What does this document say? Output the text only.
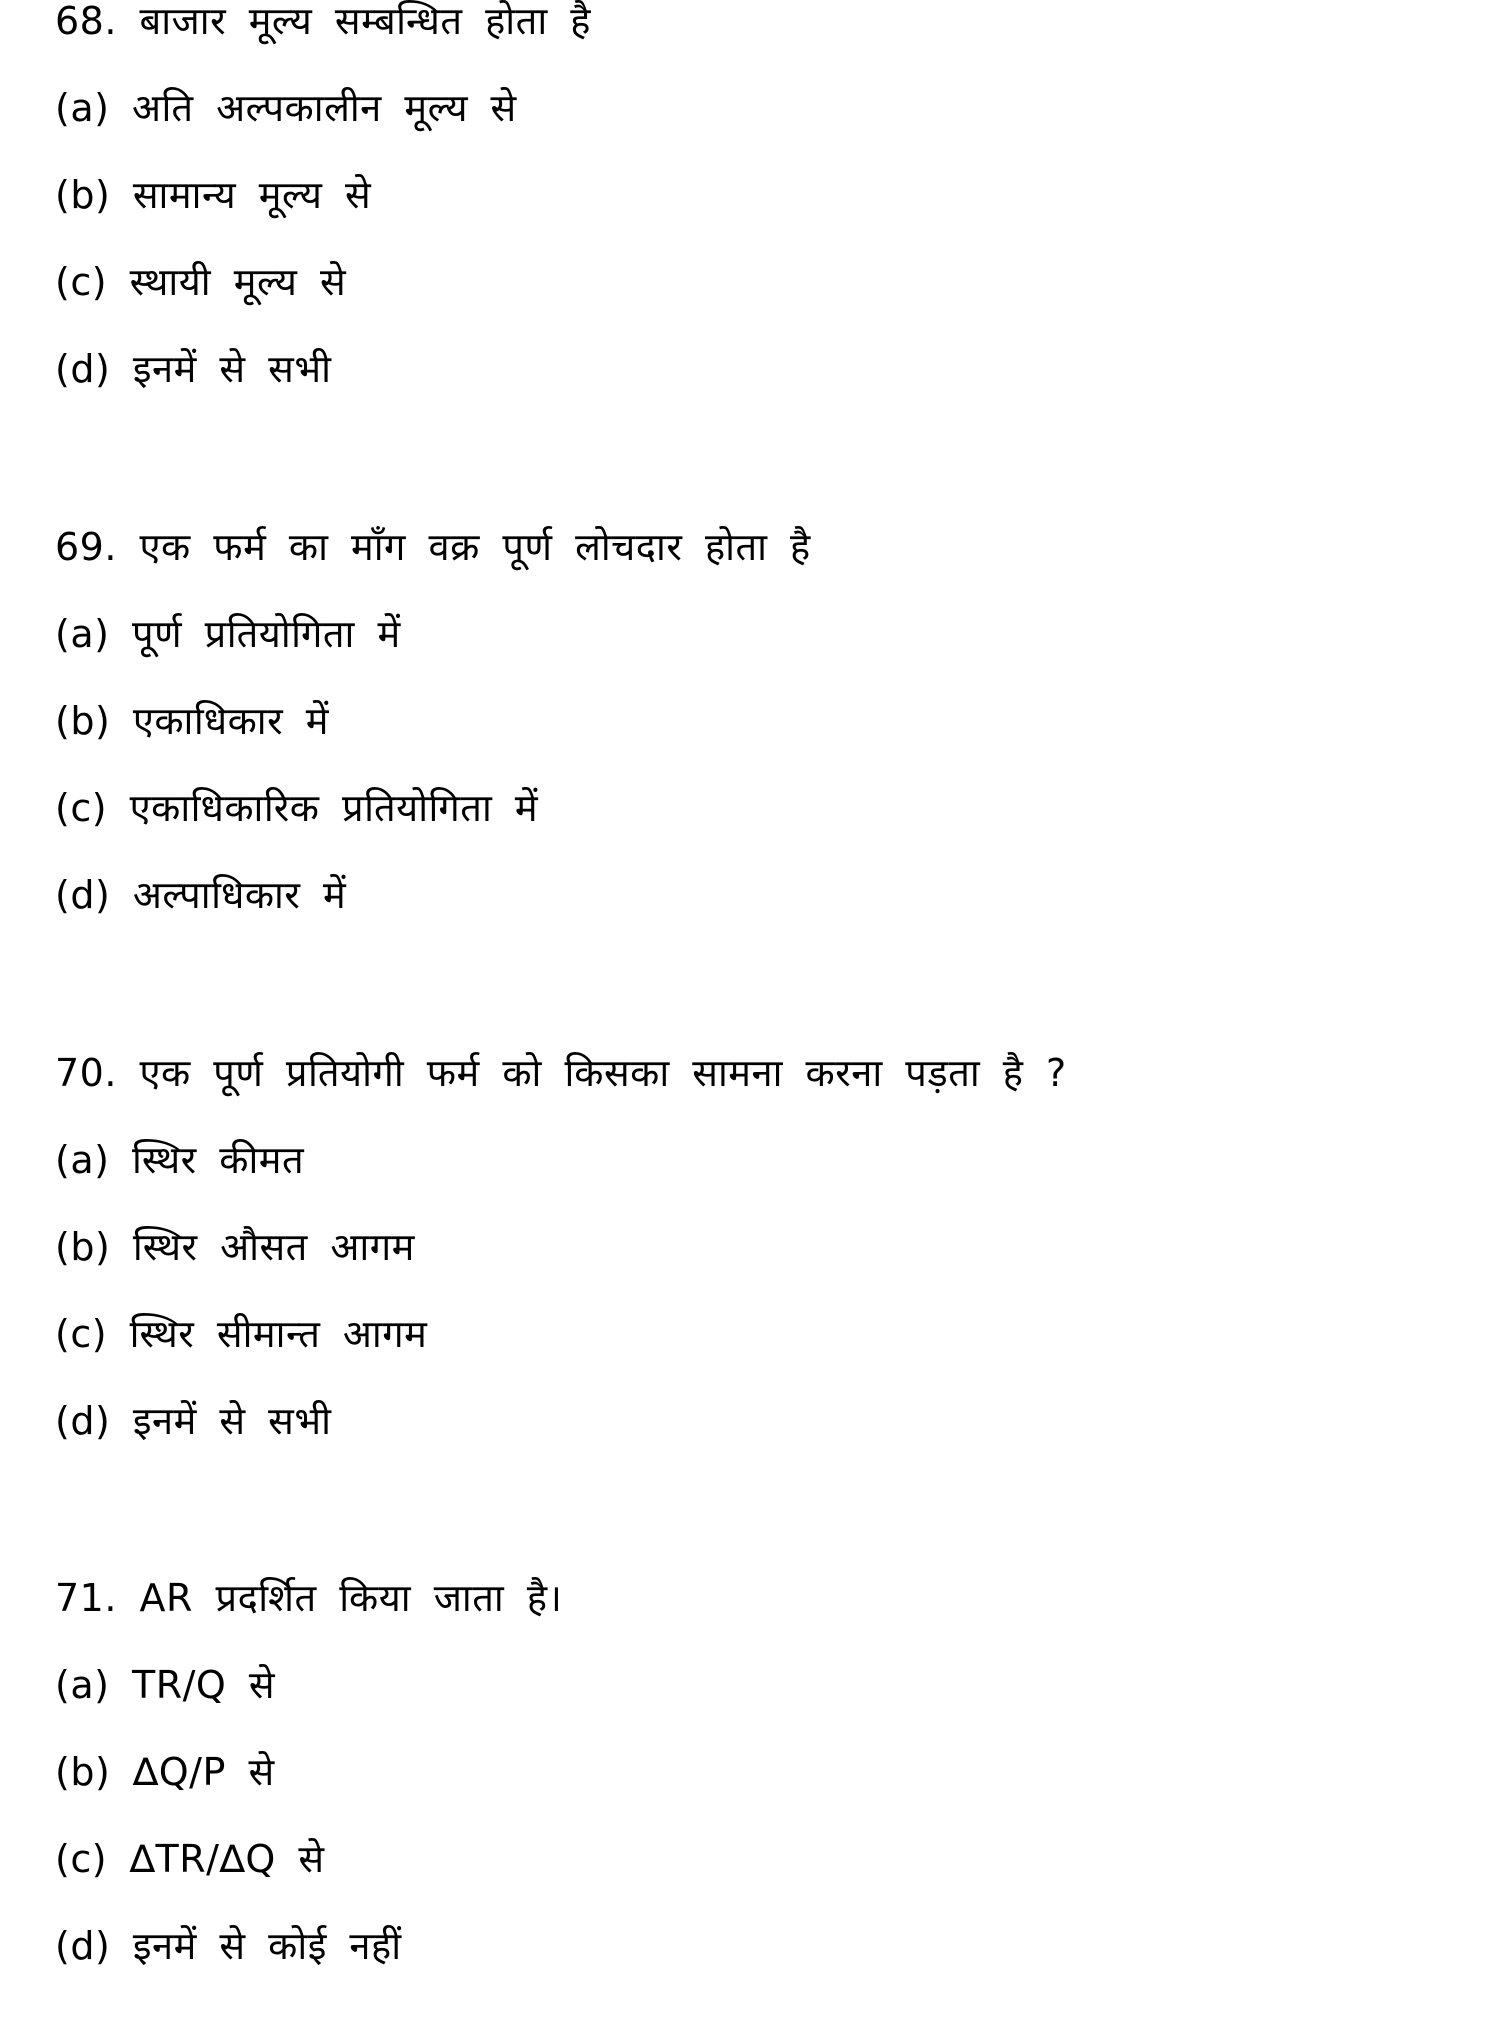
68. बाजार मूल्य सम्बन्धित होता है
(a) अति अल्पकालीन मूल्य से
(b) सामान्य मूल्य से
(c) स्थायी मूल्य से
(d) इनमें से सभी
69. एक फर्म का माँग वक्र पूर्ण लोचदार होता है
(a) पूर्ण प्रतियोगिता में
(b) एकाधिकार में
(c) एकाधिकारिक प्रतियोगिता में
(d) अल्पाधिकार में
70. एक पूर्ण प्रतियोगी फर्म को किसका सामना करना पड़ता है ?
(a) स्थिर कीमत
(b) स्थिर औसत आगम
(c) स्थिर सीमान्त आगम
(d) इनमें से सभी
71. AR प्रदर्शित किया जाता है।
(a) TR/Q से
(b) ∆Q/P से
(c) ∆TR/∆Q से
(d) इनमें से कोई नहीं
